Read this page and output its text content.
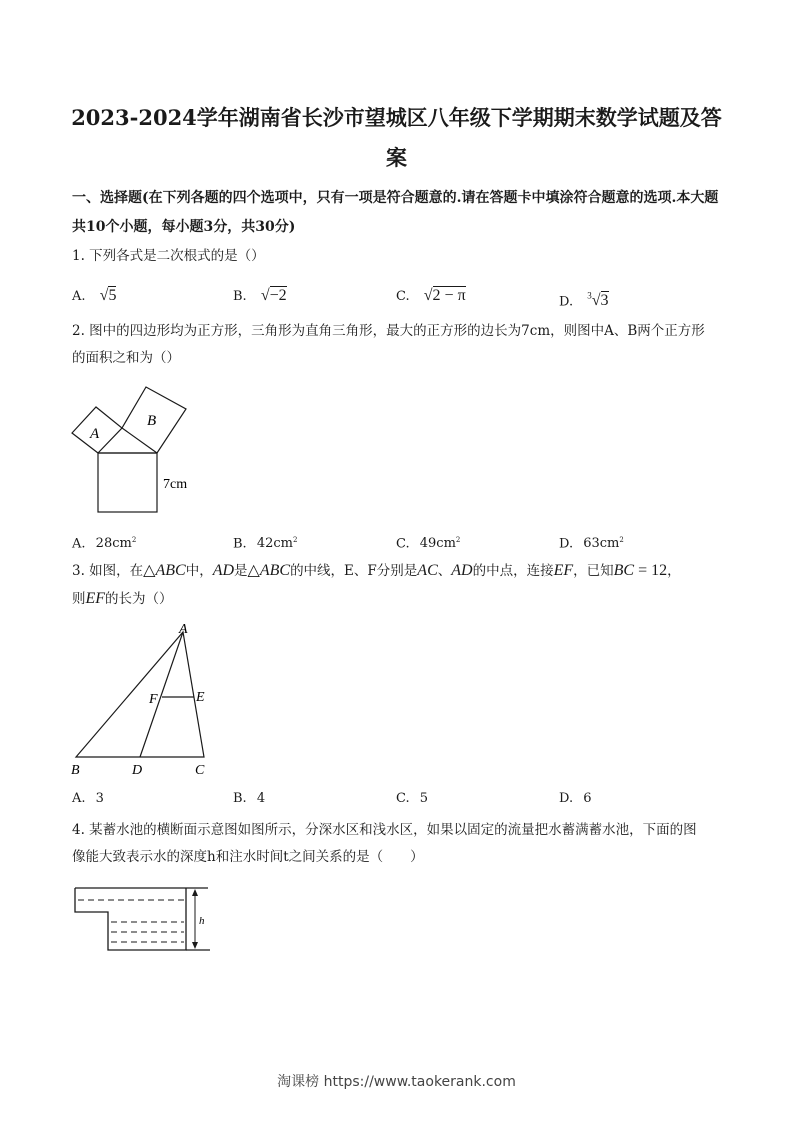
2023-2024学年湖南省长沙市望城区八年级下学期期末数学试题及答
案
一、选择题(在下列各题的四个选项中，只有一项是符合题意的.请在答题卡中填涂符合题意的选项.本大题
共10个小题，每小题3分，共30分)
1. 下列各式是二次根式的是（）
A. √5	B. √−2	C. √2 − π	D. $^3$√3
2. 图中的四边形均为正方形，三角形为直角三角形，最大的正方形的边长为7cm，则图中A、B两个正方形
的面积之和为（）
A
B
7cm
A. $28cm^2$	B. $42cm^2$	C. $49cm^2$	D. $63cm^2$
3. 如图，在△ABC中，AD是△ABC的中线，E、F分别是AC、AD的中点，连接EF，已知BC = 12，
则EF的长为（）
A
B	D	C
F	E
A. 3	B. 4	C. 5	D. 6
4. 某蓄水池的横断面示意图如图所示，分深水区和浅水区，如果以固定的流量把水蓄满蓄水池，下面的图
像能大致表示水的深度h和注水时间t之间关系的是（　　）
h
淘课榜 https://www.taokerank.com
